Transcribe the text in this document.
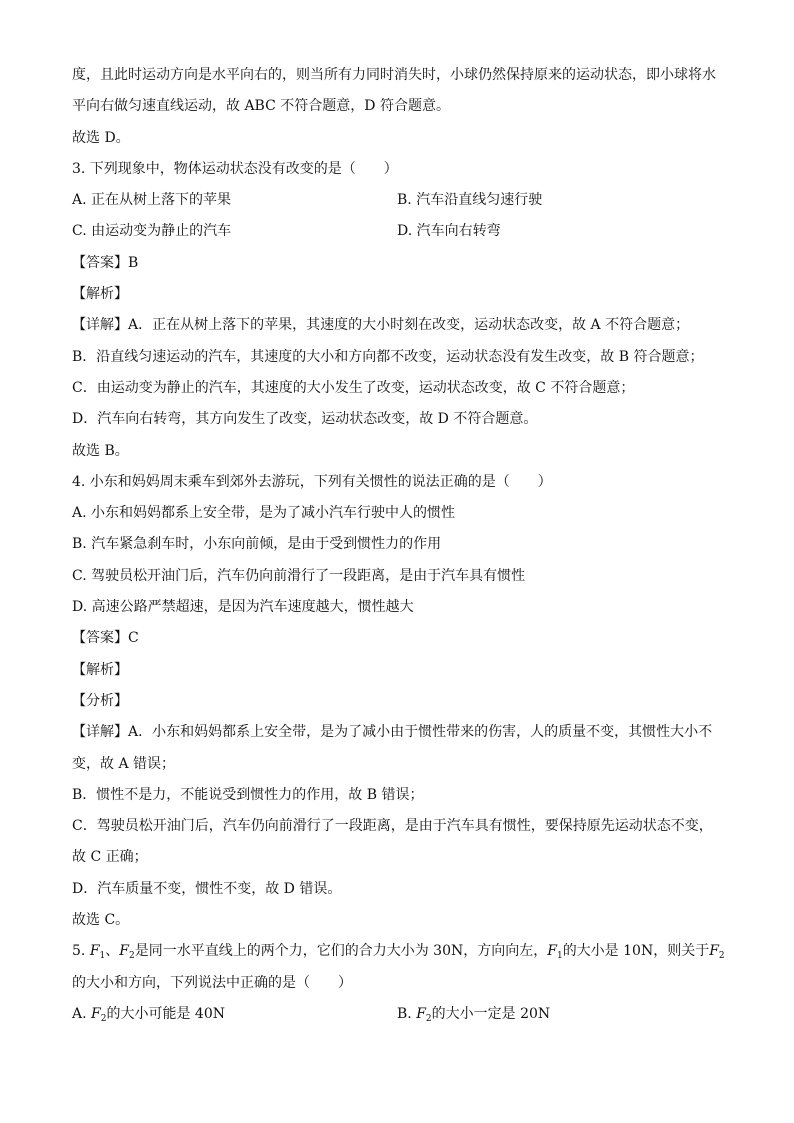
度，且此时运动方向是水平向右的，则当所有力同时消失时，小球仍然保持原来的运动状态，即小球将水
平向右做匀速直线运动，故 ABC 不符合题意，D 符合题意。
故选 D。
3. 下列现象中，物体运动状态没有改变的是（　　）
A. 正在从树上落下的苹果	B. 汽车沿直线匀速行驶
C. 由运动变为静止的汽车	D. 汽车向右转弯
【答案】B
【解析】
【详解】A．正在从树上落下的苹果，其速度的大小时刻在改变，运动状态改变，故 A 不符合题意；
B．沿直线匀速运动的汽车，其速度的大小和方向都不改变，运动状态没有发生改变，故 B 符合题意；
C．由运动变为静止的汽车，其速度的大小发生了改变，运动状态改变，故 C 不符合题意；
D．汽车向右转弯，其方向发生了改变，运动状态改变，故 D 不符合题意。
故选 B。
4. 小东和妈妈周末乘车到郊外去游玩，下列有关惯性的说法正确的是（　　）
A. 小东和妈妈都系上安全带，是为了减小汽车行驶中人的惯性
B. 汽车紧急刹车时，小东向前倾，是由于受到惯性力的作用
C. 驾驶员松开油门后，汽车仍向前滑行了一段距离，是由于汽车具有惯性
D. 高速公路严禁超速，是因为汽车速度越大，惯性越大
【答案】C
【解析】
【分析】
【详解】A．小东和妈妈都系上安全带，是为了减小由于惯性带来的伤害，人的质量不变，其惯性大小不
变，故 A 错误；
B．惯性不是力，不能说受到惯性力的作用，故 B 错误；
C．驾驶员松开油门后，汽车仍向前滑行了一段距离，是由于汽车具有惯性，要保持原先运动状态不变，
故 C 正确；
D．汽车质量不变，惯性不变，故 D 错误。
故选 C。
5. $F_1$、$F_2$是同一水平直线上的两个力，它们的合力大小为 30N，方向向左，$F_1$的大小是 10N，则关于$F_2$
的大小和方向，下列说法中正确的是（　　）
A. $F_2$的大小可能是 40N	B. $F_2$的大小一定是 20N
